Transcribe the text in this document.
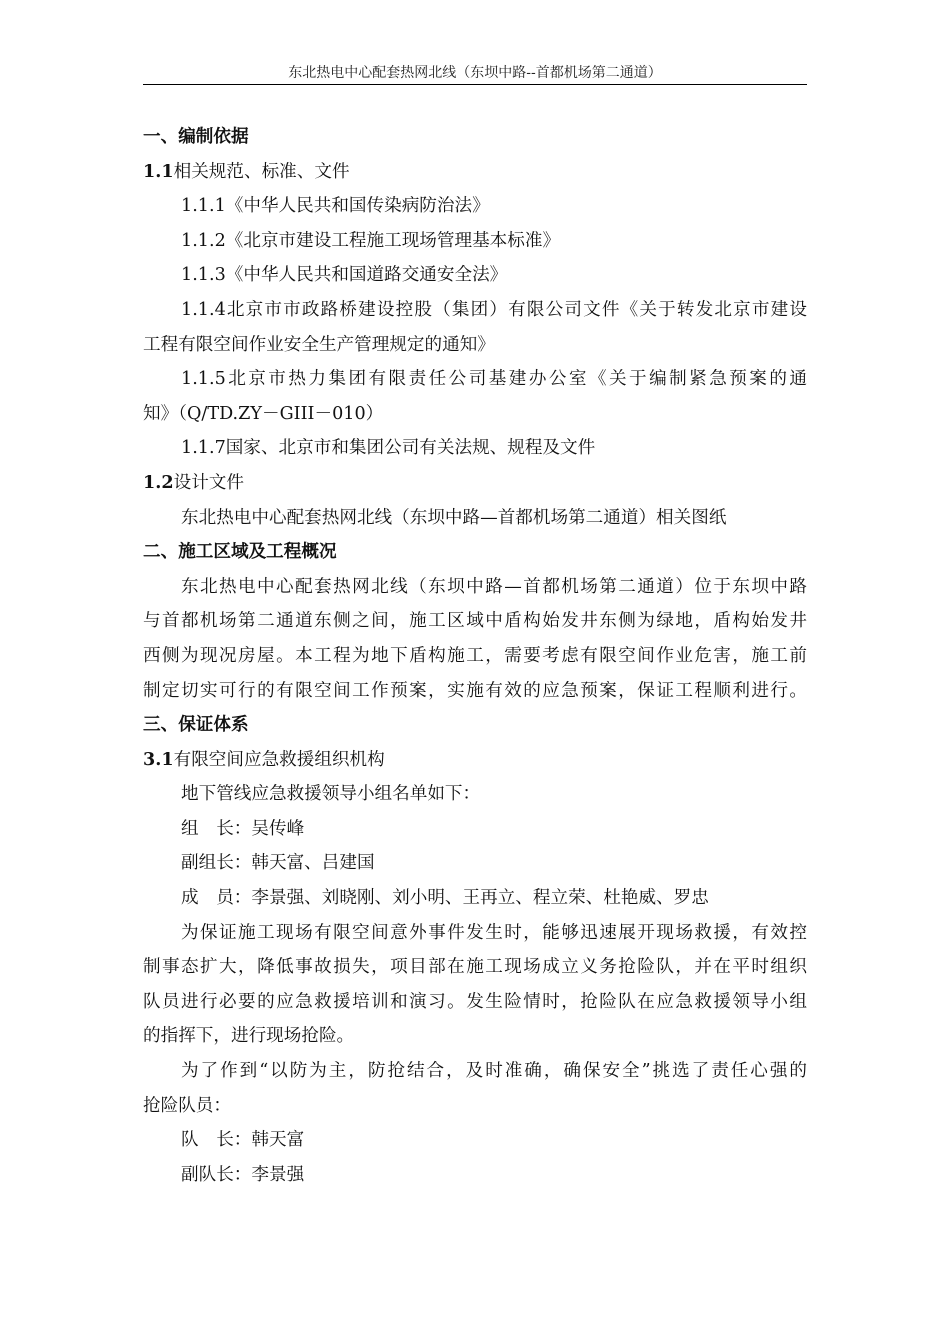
东北热电中心配套热网北线（东坝中路--首都机场第二通道）
一、编制依据
1.1相关规范、标准、文件
1.1.1《中华人民共和国传染病防治法》
1.1.2《北京市建设工程施工现场管理基本标准》
1.1.3《中华人民共和国道路交通安全法》
1.1.4北京市市政路桥建设控股（集团）有限公司文件《关于转发北京市建设
工程有限空间作业安全生产管理规定的通知》
1.1.5北京市热力集团有限责任公司基建办公室《关于编制紧急预案的通
知》（Q/TD.ZY－GIII－010）
1.1.7国家、北京市和集团公司有关法规、规程及文件
1.2设计文件
东北热电中心配套热网北线（东坝中路—首都机场第二通道）相关图纸
二、施工区域及工程概况
东北热电中心配套热网北线（东坝中路—首都机场第二通道）位于东坝中路
与首都机场第二通道东侧之间，施工区域中盾构始发井东侧为绿地，盾构始发井
西侧为现况房屋。本工程为地下盾构施工，需要考虑有限空间作业危害，施工前
制定切实可行的有限空间工作预案，实施有效的应急预案，保证工程顺利进行。
三、保证体系
3.1有限空间应急救援组织机构
地下管线应急救援领导小组名单如下：
组　长：吴传峰
副组长：韩天富、吕建国
成　员：李景强、刘晓刚、刘小明、王再立、程立荣、杜艳威、罗忠
为保证施工现场有限空间意外事件发生时，能够迅速展开现场救援，有效控
制事态扩大，降低事故损失，项目部在施工现场成立义务抢险队，并在平时组织
队员进行必要的应急救援培训和演习。发生险情时，抢险队在应急救援领导小组
的指挥下，进行现场抢险。
为了作到“以防为主，防抢结合，及时准确，确保安全”挑选了责任心强的
抢险队员：
队　长：韩天富
副队长：李景强
